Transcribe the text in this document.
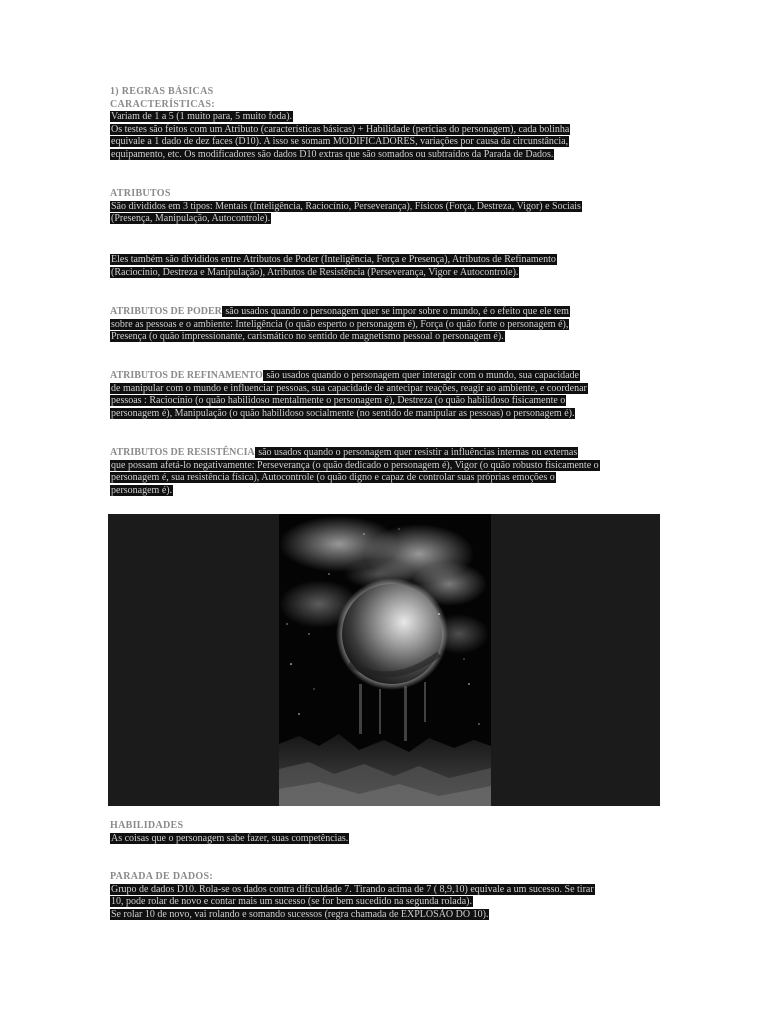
1) REGRAS BÁSICAS
CARACTERÍSTICAS:
Variam de 1 a 5 (1 muito para, 5 muito foda).
Os testes são feitos com um Atributo (características básicas) + Habilidade (perícias do personagem), cada bolinha
equivale a 1 dado de dez faces (D10). A isso se somam MODIFICADORES, variações por causa da circunstância,
equipamento, etc. Os modificadores são dados D10 extras que são somados ou subtraídos da Parada de Dados.
ATRIBUTOS
São divididos em 3 tipos: Mentais (Inteligência, Raciocínio, Perseverança), Físicos (Força, Destreza, Vigor) e Sociais
(Presença, Manipulação, Autocontrole).
Eles também são divididos entre Atributos de Poder (Inteligência, Força e Presença), Atributos de Refinamento
(Raciocínio, Destreza e Manipulação), Atributos de Resistência (Perseverança, Vigor e Autocontrole).
ATRIBUTOS DE PODER são usados quando o personagem quer se impor sobre o mundo, é o efeito que ele tem
sobre as pessoas e o ambiente: Inteligência (o quão esperto o personagem é), Força (o quão forte o personagem é),
Presença (o quão impressionante, carismático no sentido de magnetismo pessoal o personagem é).
ATRIBUTOS DE REFINAMENTO são usados quando o personagem quer interagir com o mundo, sua capacidade
de manipular com o mundo e influenciar pessoas, sua capacidade de antecipar reações, reagir ao ambiente, e coordenar
pessoas : Raciocínio (o quão habilidoso mentalmente o personagem é), Destreza (o quão habilidoso fisicamente o
personagem é), Manipulação (o quão habilidoso socialmente (no sentido de manipular as pessoas) o personagem é).
ATRIBUTOS DE RESISTÊNCIA são usados quando o personagem quer resistir a influências internas ou externas
que possam afetá-lo negativamente: Perseverança (o quão dedicado o personagem é), Vigor (o quão robusto fisicamente o
personagem é, sua resistência física), Autocontrole (o quão digno e capaz de controlar suas próprias emoções o
personagem é).
HABILIDADES
As coisas que o personagem sabe fazer, suas competências.
PARADA DE DADOS:
Grupo de dados D10. Rola-se os dados contra dificuldade 7. Tirando acima de 7 ( 8,9,10) equivale a um sucesso. Se tirar
10, pode rolar de novo e contar mais um sucesso (se for bem sucedido na segunda rolada).
Se rolar 10 de novo, vai rolando e somando sucessos (regra chamada de EXPLOSÃO DO 10).
